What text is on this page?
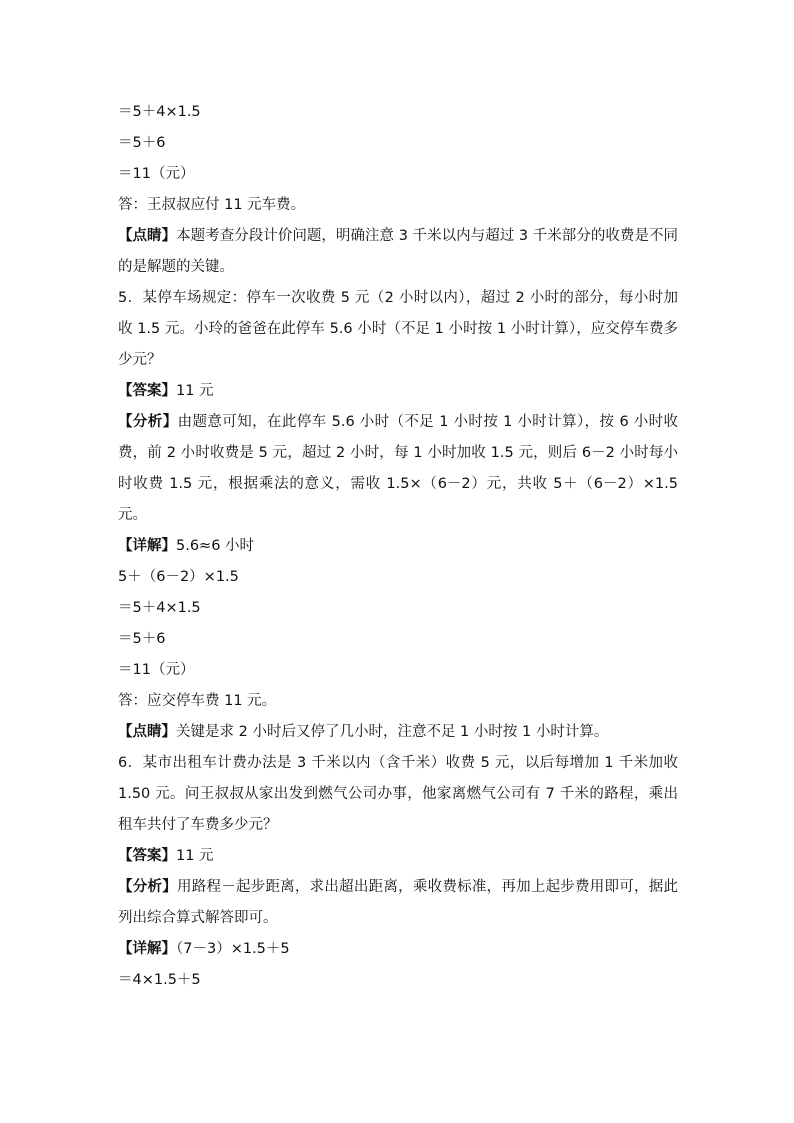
＝5＋4×1.5
＝5＋6
＝11（元）
答：王叔叔应付 11 元车费。
【点睛】本题考查分段计价问题，明确注意 3 千米以内与超过 3 千米部分的收费是不同的是解题的关键。
5．某停车场规定：停车一次收费 5 元（2 小时以内），超过 2 小时的部分，每小时加收 1.5 元。小玲的爸爸在此停车 5.6 小时（不足 1 小时按 1 小时计算），应交停车费多少元？
【答案】11 元
【分析】由题意可知，在此停车 5.6 小时（不足 1 小时按 1 小时计算），按 6 小时收费，前 2 小时收费是 5 元，超过 2 小时，每 1 小时加收 1.5 元，则后 6－2 小时每小时收费 1.5 元，根据乘法的意义，需收 1.5×（6－2）元，共收 5＋（6－2）×1.5 元。
【详解】5.6≈6 小时
5＋（6－2）×1.5
＝5＋4×1.5
＝5＋6
＝11（元）
答：应交停车费 11 元。
【点睛】关键是求 2 小时后又停了几小时，注意不足 1 小时按 1 小时计算。
6．某市出租车计费办法是 3 千米以内（含千米）收费 5 元，以后每增加 1 千米加收 1.50 元。问王叔叔从家出发到燃气公司办事，他家离燃气公司有 7 千米的路程，乘出租车共付了车费多少元？
【答案】11 元
【分析】用路程－起步距离，求出超出距离，乘收费标准，再加上起步费用即可，据此列出综合算式解答即可。
【详解】（7－3）×1.5＋5
＝4×1.5＋5
